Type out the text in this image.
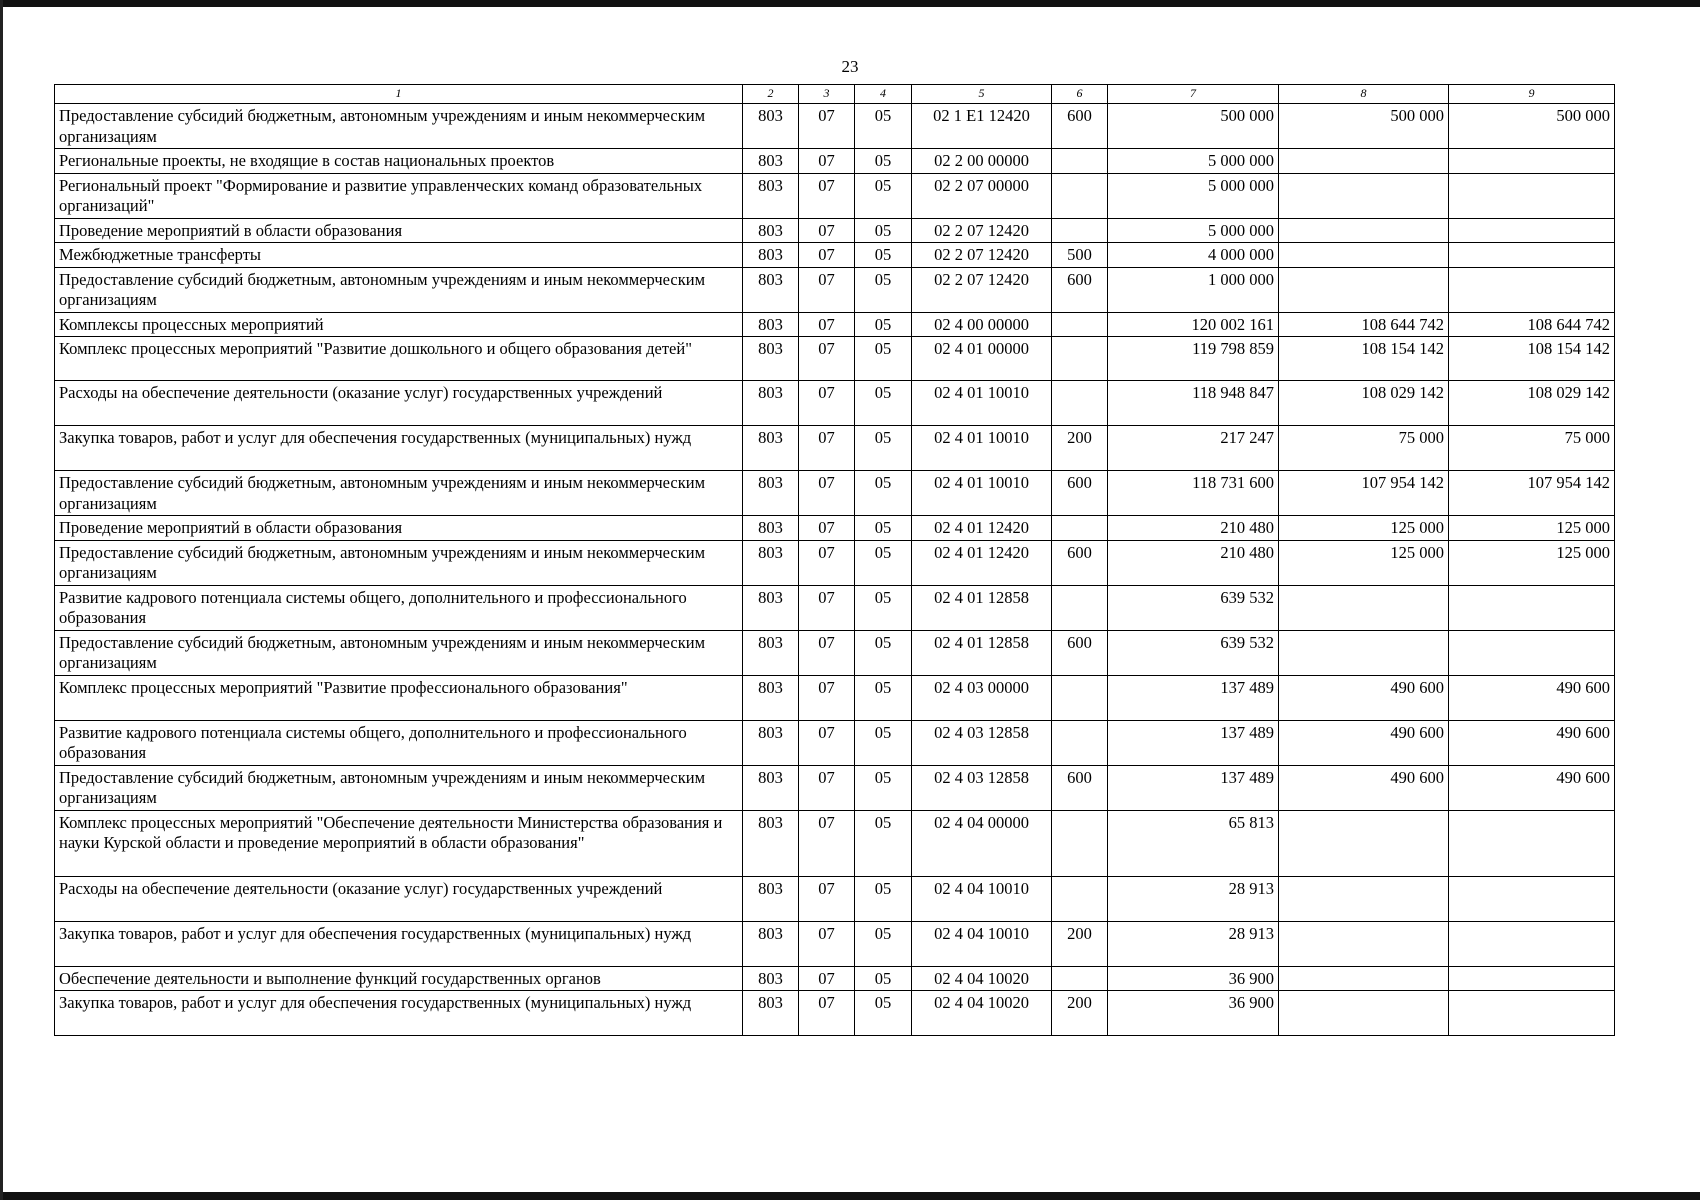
23
1	2	3	4	5	6	7	8	9
Предоставление субсидий бюджетным, автономным учреждениям и иным некоммерческим организациям	803	07	05	02 1 Е1 12420	600	500 000	500 000	500 000
Региональные проекты, не входящие в состав национальных проектов	803	07	05	02 2 00 00000		5 000 000		
Региональный проект "Формирование и развитие управленческих команд образовательных организаций"	803	07	05	02 2 07 00000		5 000 000		
Проведение мероприятий в области образования	803	07	05	02 2 07 12420		5 000 000		
Межбюджетные трансферты	803	07	05	02 2 07 12420	500	4 000 000		
Предоставление субсидий бюджетным, автономным учреждениям и иным некоммерческим организациям	803	07	05	02 2 07 12420	600	1 000 000		
Комплексы процессных мероприятий	803	07	05	02 4 00 00000		120 002 161	108 644 742	108 644 742
Комплекс процессных мероприятий "Развитие дошкольного и общего образования детей"	803	07	05	02 4 01 00000		119 798 859	108 154 142	108 154 142
Расходы на обеспечение деятельности (оказание услуг) государственных учреждений	803	07	05	02 4 01 10010		118 948 847	108 029 142	108 029 142
Закупка товаров, работ и услуг для обеспечения государственных (муниципальных) нужд	803	07	05	02 4 01 10010	200	217 247	75 000	75 000
Предоставление субсидий бюджетным, автономным учреждениям и иным некоммерческим организациям	803	07	05	02 4 01 10010	600	118 731 600	107 954 142	107 954 142
Проведение мероприятий в области образования	803	07	05	02 4 01 12420		210 480	125 000	125 000
Предоставление субсидий бюджетным, автономным учреждениям и иным некоммерческим организациям	803	07	05	02 4 01 12420	600	210 480	125 000	125 000
Развитие кадрового потенциала системы общего, дополнительного и профессионального образования	803	07	05	02 4 01 12858		639 532		
Предоставление субсидий бюджетным, автономным учреждениям и иным некоммерческим организациям	803	07	05	02 4 01 12858	600	639 532		
Комплекс процессных мероприятий "Развитие профессионального образования"	803	07	05	02 4 03 00000		137 489	490 600	490 600
Развитие кадрового потенциала системы общего, дополнительного и профессионального образования	803	07	05	02 4 03 12858		137 489	490 600	490 600
Предоставление субсидий бюджетным, автономным учреждениям и иным некоммерческим организациям	803	07	05	02 4 03 12858	600	137 489	490 600	490 600
Комплекс процессных мероприятий "Обеспечение деятельности Министерства образования и науки Курской области и проведение мероприятий в области образования"	803	07	05	02 4 04 00000		65 813		
Расходы на обеспечение деятельности (оказание услуг) государственных учреждений	803	07	05	02 4 04 10010		28 913		
Закупка товаров, работ и услуг для обеспечения государственных (муниципальных) нужд	803	07	05	02 4 04 10010	200	28 913		
Обеспечение деятельности и выполнение функций государственных органов	803	07	05	02 4 04 10020		36 900		
Закупка товаров, работ и услуг для обеспечения государственных (муниципальных) нужд	803	07	05	02 4 04 10020	200	36 900		
